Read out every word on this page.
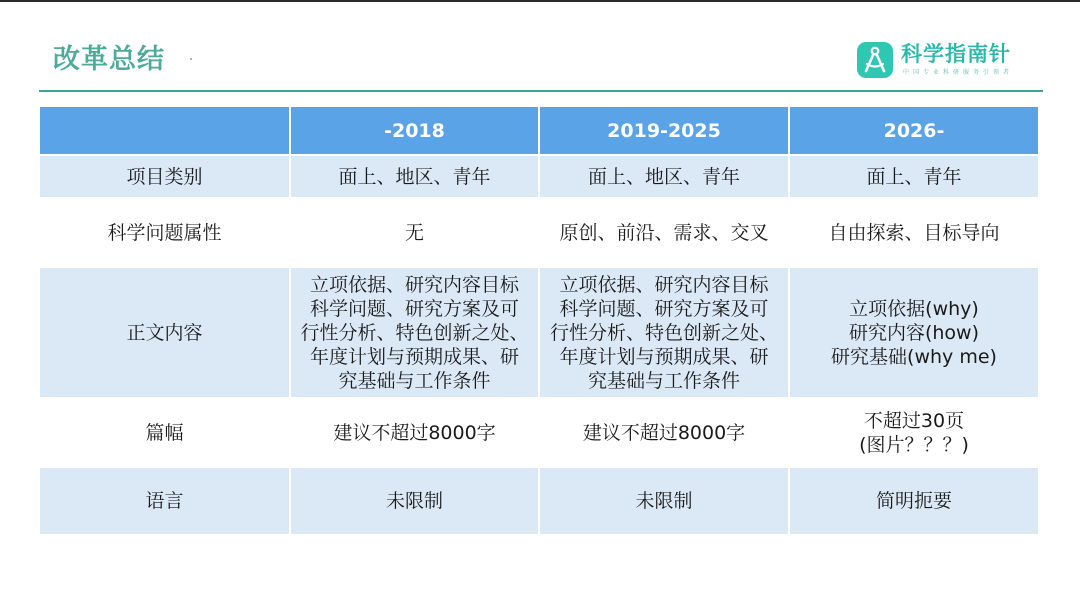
改革总结	科学指南针
中国专业科研服务引领者
	-2018	2019-2025	2026-
项目类别	面上、地区、青年	面上、地区、青年	面上、青年
科学问题属性	无	原创、前沿、需求、交叉	自由探索、目标导向
正文内容	立项依据、研究内容目标
科学问题、研究方案及可
行性分析、特色创新之处、
年度计划与预期成果、研
究基础与工作条件	立项依据、研究内容目标
科学问题、研究方案及可
行性分析、特色创新之处、
年度计划与预期成果、研
究基础与工作条件	立项依据(why)
研究内容(how)
研究基础(why me)

篇幅	建议不超过8000字	建议不超过8000字	不超过30页
(图片？？？)

语言	未限制	未限制	简明扼要
